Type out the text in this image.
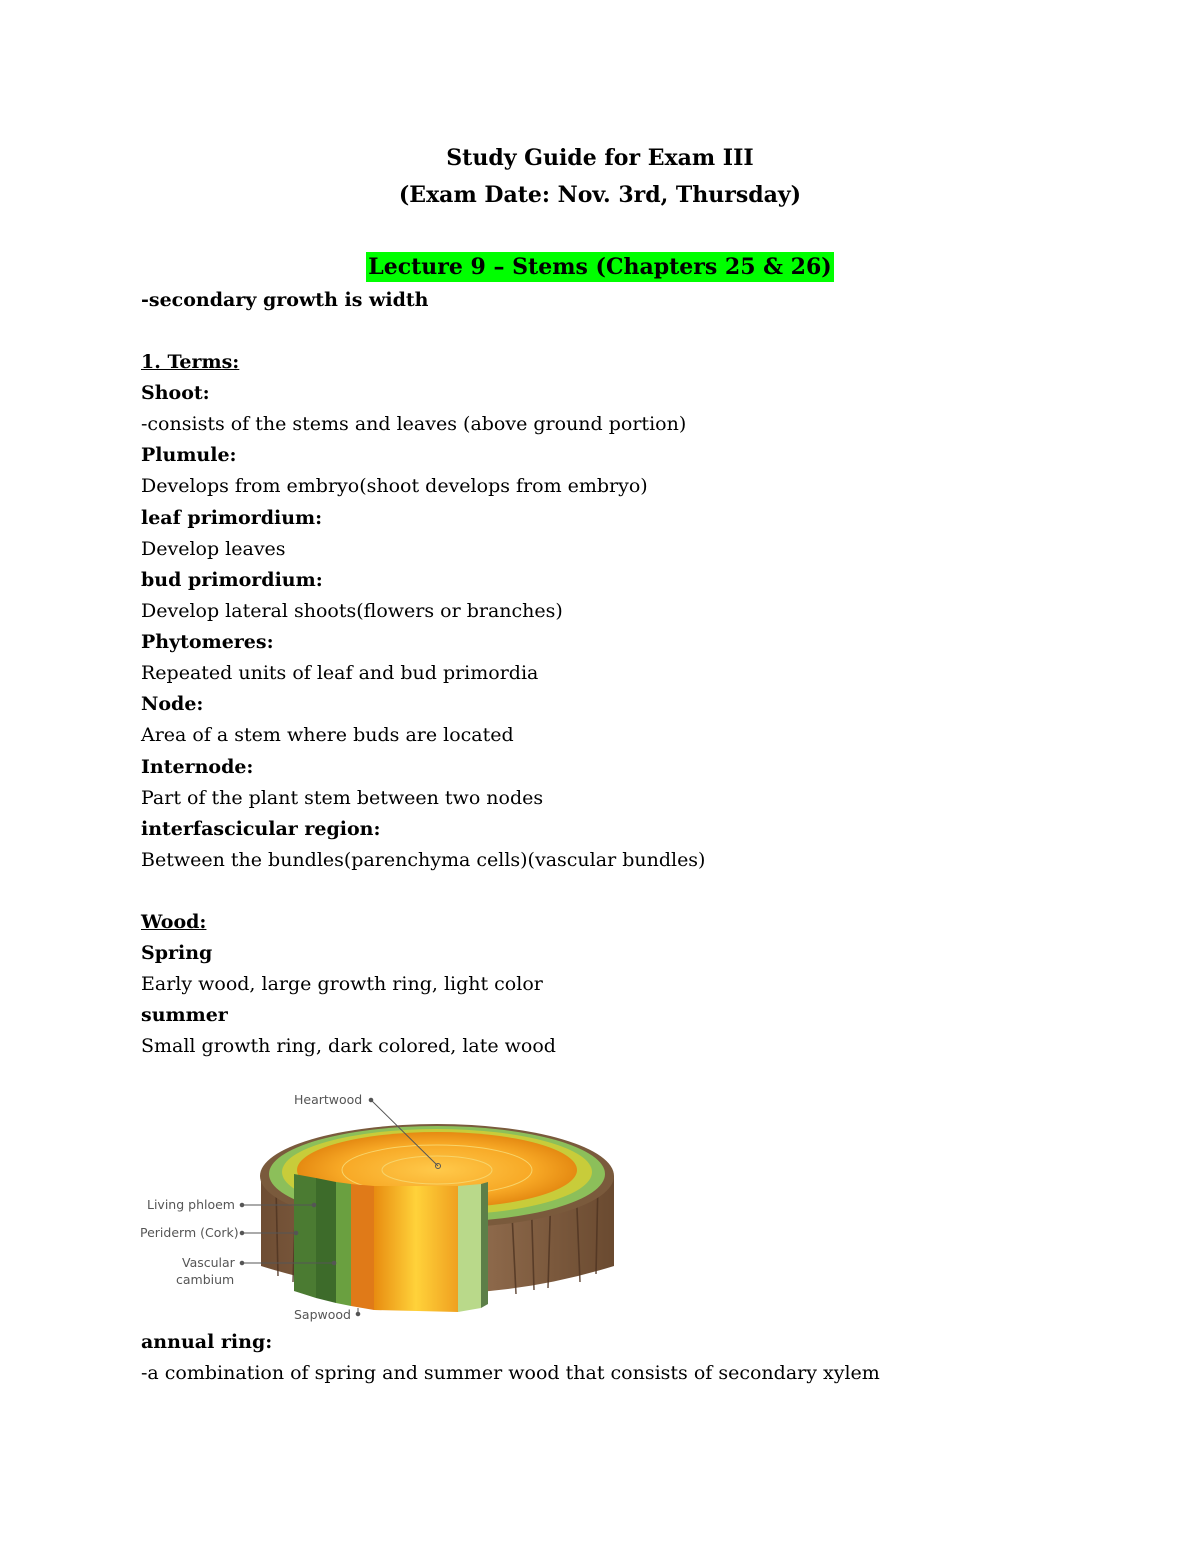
Study Guide for Exam III
(Exam Date: Nov. 3rd, Thursday)
Lecture 9 – Stems (Chapters 25 & 26)
-secondary growth is width
1. Terms:
Shoot:
-consists of the stems and leaves (above ground portion)
Plumule:
Develops from embryo(shoot develops from embryo)
leaf primordium:
Develop leaves
bud primordium:
Develop lateral shoots(flowers or branches)
Phytomeres:
Repeated units of leaf and bud primordia
Node:
Area of a stem where buds are located
Internode:
Part of the plant stem between two nodes
interfascicular region:
Between the bundles(parenchyma cells)(vascular bundles)
Wood:
Spring
Early wood, large growth ring, light color
summer
Small growth ring, dark colored, late wood
Heartwood
Living phloem
Periderm (Cork)
Vascular
cambium
Sapwood
annual ring:
-a combination of spring and summer wood that consists of secondary xylem
